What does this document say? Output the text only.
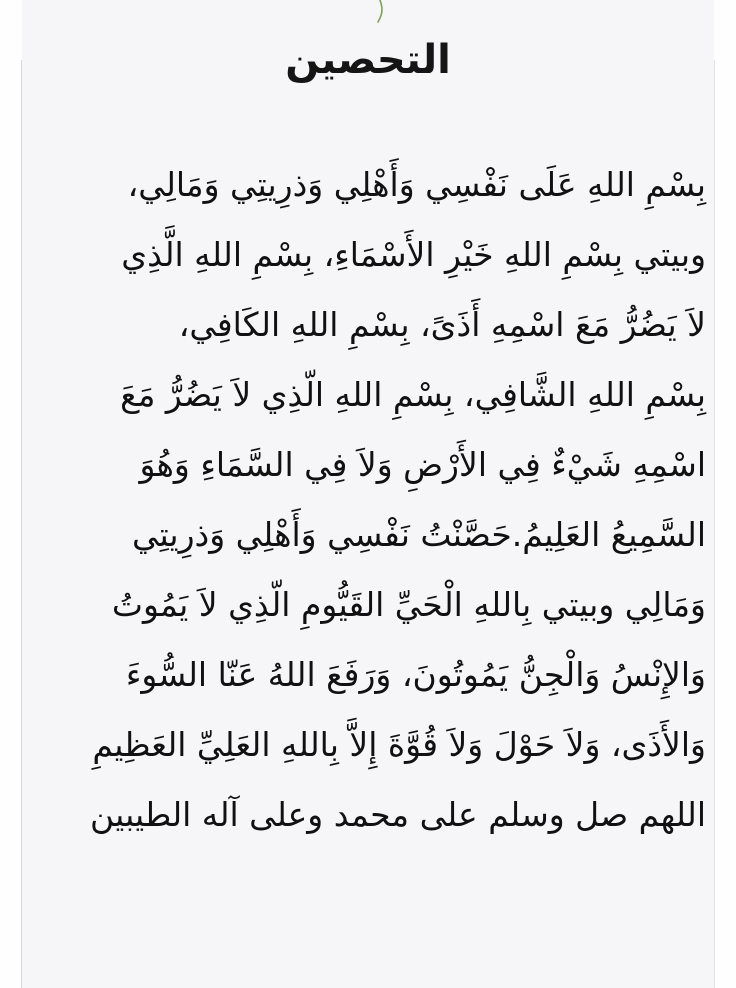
التحصين
بِسْمِ اللهِ عَلَى نَفْسِي وَأَهْلِي وَذرِيتِي وَمَالِي،
وبيتي بِسْمِ اللهِ خَيْرِ الأَسْمَاءِ، بِسْمِ اللهِ الَّذِي
لاَ يَضُرُّ مَعَ اسْمِهِ أَذَىً، بِسْمِ اللهِ الكَافِي،
بِسْمِ اللهِ الشَّافِي، بِسْمِ اللهِ الّذِي لاَ يَضُرُّ مَعَ
اسْمِهِ شَيْءٌ فِي الأَرْضِ وَلاَ فِي السَّمَاءِ وَهُوَ
السَّمِيعُ العَلِيمُ.حَصَّنْتُ نَفْسِي وَأَهْلِي وَذرِيتِي
وَمَالِي وبيتي بِاللهِ الْحَيِّ القَيُّومِ الّذِي لاَ يَمُوتُ
وَالإِنْسُ وَالْجِنُّ يَمُوتُونَ، وَرَفَعَ اللهُ عَنّا السُّوءَ
وَالأَذَى، وَلاَ حَوْلَ وَلاَ قُوَّةَ إِلاَّ بِاللهِ العَلِيِّ العَظِيمِ
اللهم صل وسلم على محمد وعلى آله الطيبين
